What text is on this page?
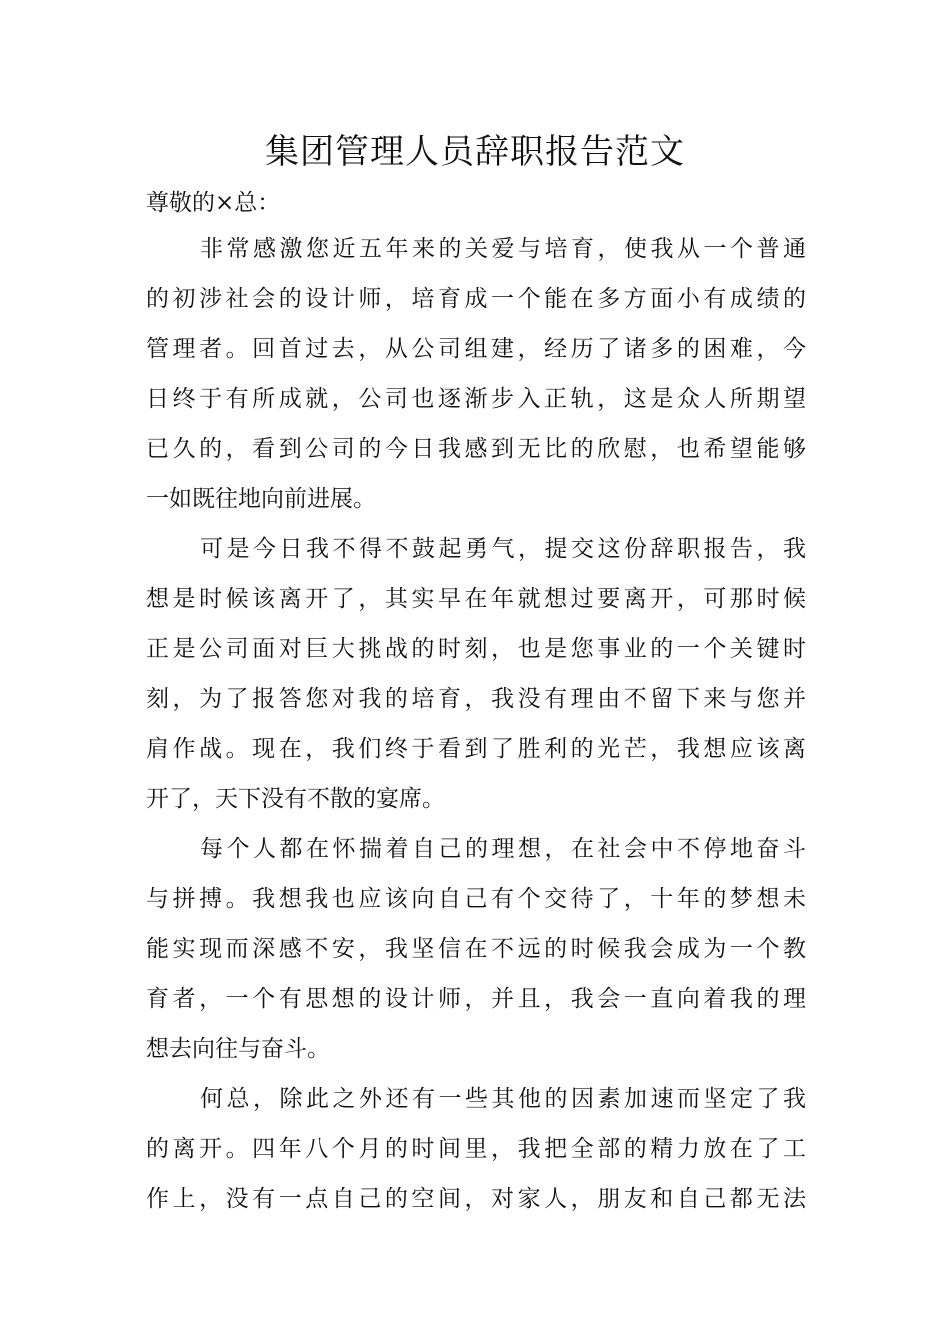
集团管理人员辞职报告范文
尊敬的×总：
非常感激您近五年来的关爱与培育，使我从一个普通
的初涉社会的设计师，培育成一个能在多方面小有成绩的
管理者。回首过去，从公司组建，经历了诸多的困难，今
日终于有所成就，公司也逐渐步入正轨，这是众人所期望
已久的，看到公司的今日我感到无比的欣慰，也希望能够
一如既往地向前进展。
可是今日我不得不鼓起勇气，提交这份辞职报告，我
想是时候该离开了，其实早在年就想过要离开，可那时候
正是公司面对巨大挑战的时刻，也是您事业的一个关键时
刻，为了报答您对我的培育，我没有理由不留下来与您并
肩作战。现在，我们终于看到了胜利的光芒，我想应该离
开了，天下没有不散的宴席。
每个人都在怀揣着自己的理想，在社会中不停地奋斗
与拼搏。我想我也应该向自己有个交待了，十年的梦想未
能实现而深感不安，我坚信在不远的时候我会成为一个教
育者，一个有思想的设计师，并且，我会一直向着我的理
想去向往与奋斗。
何总，除此之外还有一些其他的因素加速而坚定了我
的离开。四年八个月的时间里，我把全部的精力放在了工
作上，没有一点自己的空间，对家人，朋友和自己都无法
